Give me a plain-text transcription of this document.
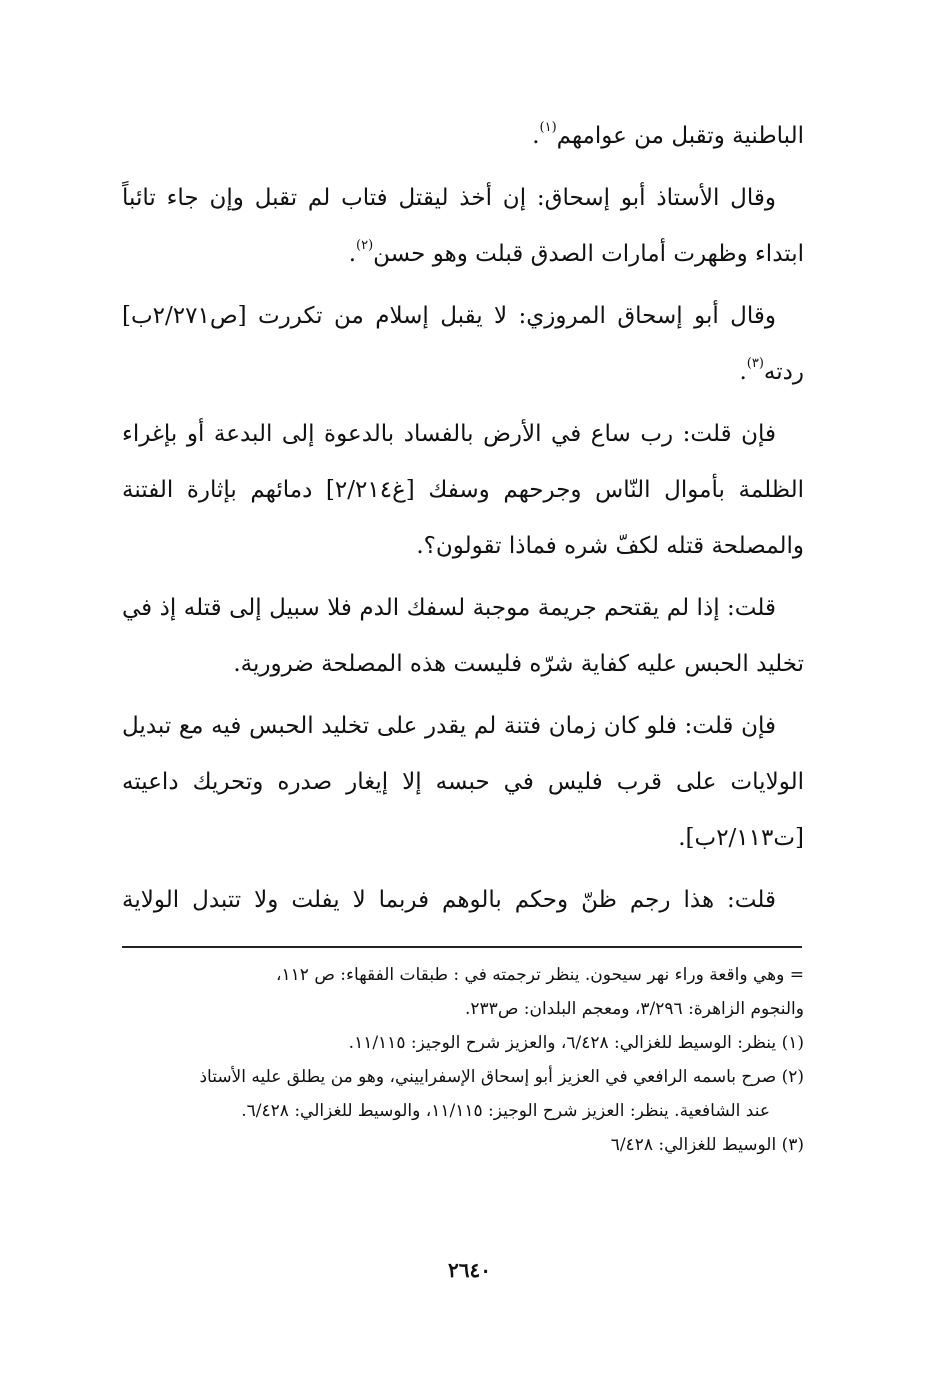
الباطنية وتقبل من عوامهم$^{(١)}$.

وقال الأستاذ أبو إسحاق: إن أخذ ليقتل فتاب لم تقبل وإن جاء تائباً ابتداء وظهرت أمارات الصدق قبلت وهو حسن$^{(٢)}$.

وقال أبو إسحاق المروزي: لا يقبل إسلام من تكررت [ص٢/٢٧١ب] ردته$^{(٣)}$.

فإن قلت: رب ساع في الأرض بالفساد بالدعوة إلى البدعة أو بإغراء الظلمة بأموال النّاس وجرحهم وسفك [غ٢/٢١٤] دمائهم بإثارة الفتنة والمصلحة قتله لكفّ شره فماذا تقولون؟.

قلت: إذا لم يقتحم جريمة موجبة لسفك الدم فلا سبيل إلى قتله إذ في تخليد الحبس عليه كفاية شرّه فليست هذه المصلحة ضرورية.

فإن قلت: فلو كان زمان فتنة لم يقدر على تخليد الحبس فيه مع تبديل الولايات على قرب فليس في حبسه إلا إيغار صدره وتحريك داعيته [ت٢/١١٣ب].

قلت: هذا رجم ظنّ وحكم بالوهم فربما لا يفلت ولا تتبدل الولاية

= وهي واقعة وراء نهر سيحون. ينظر ترجمته في : طبقات الفقهاء: ص ١١٢،
والنجوم الزاهرة: ٣/٢٩٦، ومعجم البلدان: ص٢٣٣.

(١) ينظر: الوسيط للغزالي: ٦/٤٢٨، والعزيز شرح الوجيز: ١١/١١٥.

(٢) صرح باسمه الرافعي في العزيز أبو إسحاق الإسفراييني، وهو من يطلق عليه الأستاذ
عند الشافعية. ينظر: العزيز شرح الوجيز: ١١/١١٥، والوسيط للغزالي: ٦/٤٢٨.

(٣) الوسيط للغزالي: ٦/٤٢٨

٢٦٤٠
